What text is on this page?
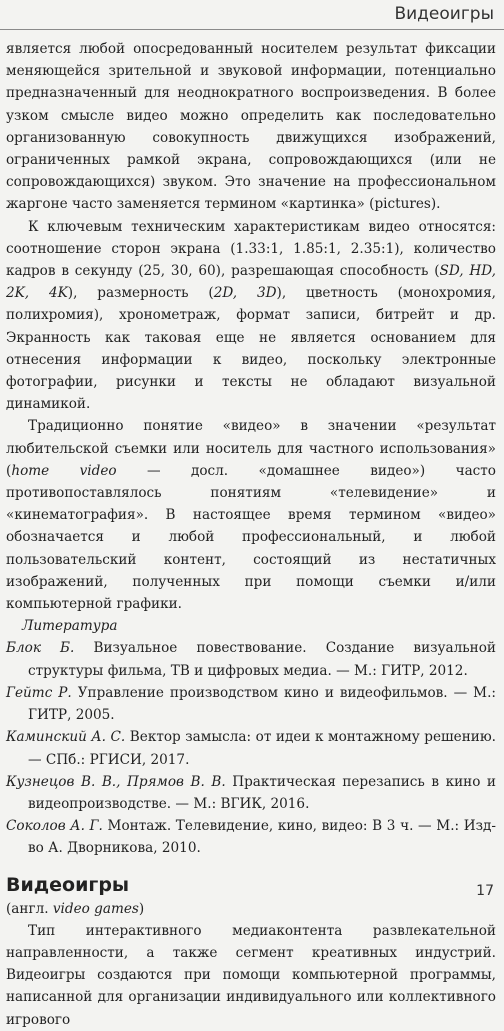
Видеоигры

является любой опосредованный носителем результат фиксации меняющейся зрительной и звуковой информации, потенциально предназначенный для неоднократного воспроизведения. В более узком смысле видео можно определить как последовательно организованную совокупность движущихся изображений, ограниченных рамкой экрана, сопровождающихся (или не сопровождающихся) звуком. Это значение на профессиональном жаргоне часто заменяется термином «картинка» (pictures).

К ключевым техническим характеристикам видео относятся: соотношение сторон экрана (1.33:1, 1.85:1, 2.35:1), количество кадров в секунду (25, 30, 60), разрешающая способность (SD, HD, 2K, 4K), размерность (2D, 3D), цветность (монохромия, полихромия), хронометраж, формат записи, битрейт и др. Экранность как таковая еще не является основанием для отнесения информации к видео, поскольку электронные фотографии, рисунки и тексты не обладают визуальной динамикой.

Традиционно понятие «видео» в значении «результат любительской съемки или носитель для частного использования» (home video — досл. «домашнее видео») часто противопоставлялось понятиям «телевидение» и «кинематография». В настоящее время термином «видео» обозначается и любой профессиональный, и любой пользовательский контент, состоящий из нестатичных изображений, полученных при помощи съемки и/или компьютерной графики.

Литература

Блок Б. Визуальное повествование. Создание визуальной структуры фильма, ТВ и цифровых медиа. — М.: ГИТР, 2012.

Гейтс Р. Управление производством кино и видеофильмов. — М.: ГИТР, 2005.

Каминский А. С. Вектор замысла: от идеи к монтажному решению. — СПб.: РГИСИ, 2017.

Кузнецов В. В., Прямов В. В. Практическая перезапись в кино и видеопроизводстве. — М.: ВГИК, 2016.

Соколов А. Г. Монтаж. Телевидение, кино, видео: В 3 ч. — М.: Изд-во А. Дворникова, 2010.

Видеоигры

(англ. video games)

Тип интерактивного медиаконтента развлекательной направленности, а также сегмент креативных индустрий. Видеоигры создаются при помощи компьютерной программы, написанной для организации индивидуального или коллективного игрового

17
